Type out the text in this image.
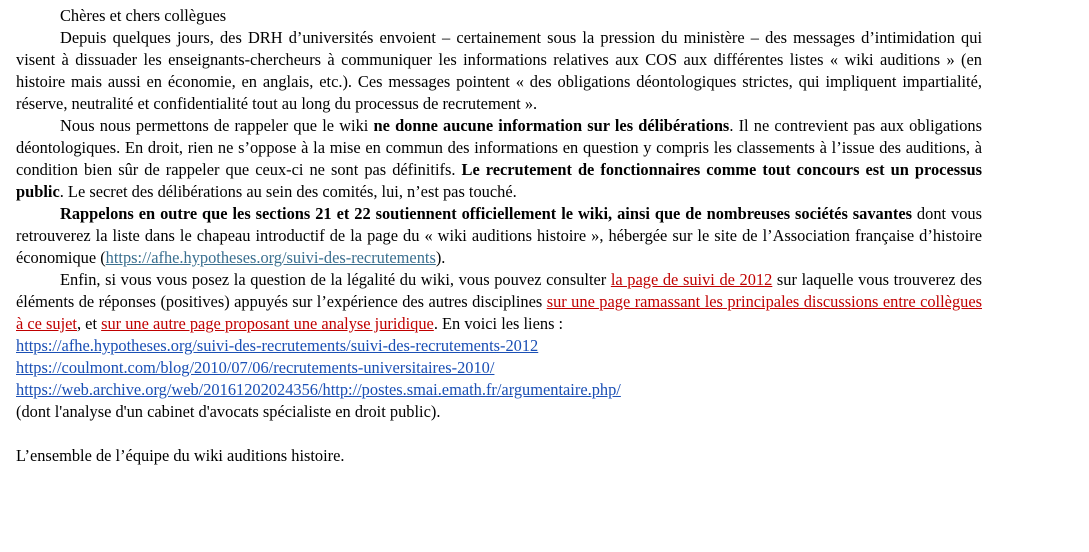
Chères et chers collègues

Depuis quelques jours, des DRH d’universités envoient – certainement sous la pression du ministère – des messages d’intimidation qui visent à dissuader les enseignants-chercheurs à communiquer les informations relatives aux COS aux différentes listes « wiki auditions » (en histoire mais aussi en économie, en anglais, etc.). Ces messages pointent « des obligations déontologiques strictes, qui impliquent impartialité, réserve, neutralité et confidentialité tout au long du processus de recrutement ».

Nous nous permettons de rappeler que le wiki ne donne aucune information sur les délibérations. Il ne contrevient pas aux obligations déontologiques. En droit, rien ne s’oppose à la mise en commun des informations en question y compris les classements à l’issue des auditions, à condition bien sûr de rappeler que ceux-ci ne sont pas définitifs. Le recrutement de fonctionnaires comme tout concours est un processus public. Le secret des délibérations au sein des comités, lui, n’est pas touché.

Rappelons en outre que les sections 21 et 22 soutiennent officiellement le wiki, ainsi que de nombreuses sociétés savantes dont vous retrouverez la liste dans le chapeau introductif de la page du « wiki auditions histoire », hébergée sur le site de l’Association française d’histoire économique (https://afhe.hypotheses.org/suivi-des-recrutements).

Enfin, si vous vous posez la question de la légalité du wiki, vous pouvez consulter la page de suivi de 2012 sur laquelle vous trouverez des éléments de réponses (positives) appuyés sur l’expérience des autres disciplines sur une page ramassant les principales discussions entre collègues à ce sujet, et sur une autre page proposant une analyse juridique. En voici les liens :

https://afhe.hypotheses.org/suivi-des-recrutements/suivi-des-recrutements-2012
https://coulmont.com/blog/2010/07/06/recrutements-universitaires-2010/
https://web.archive.org/web/20161202024356/http://postes.smai.emath.fr/argumentaire.php/

(dont l'analyse d'un cabinet d'avocats spécialiste en droit public).

L’ensemble de l’équipe du wiki auditions histoire.
